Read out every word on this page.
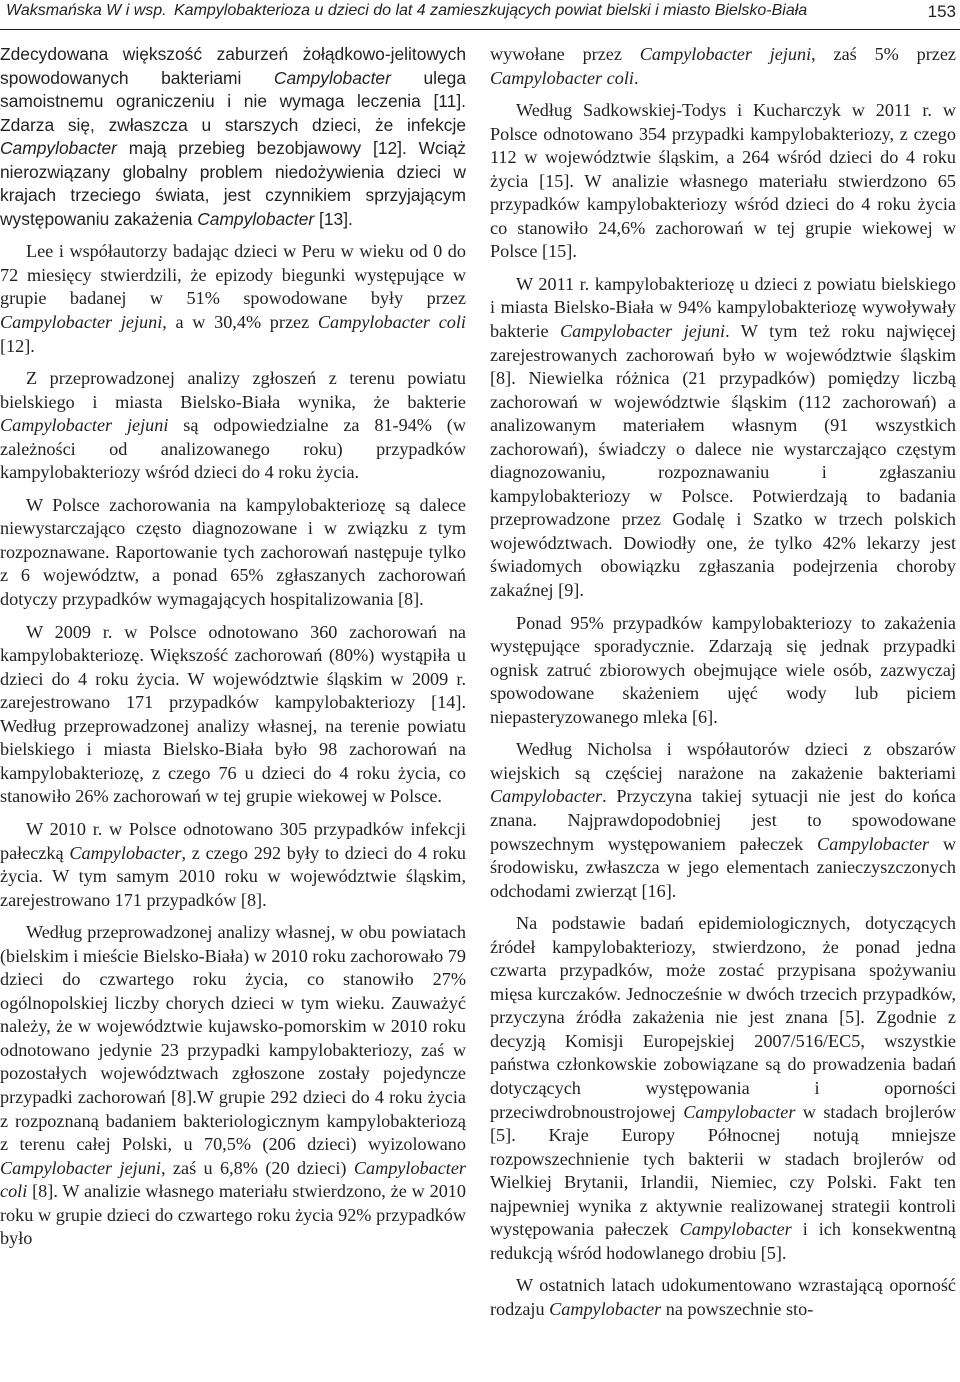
Waksmańska W i wsp. Kampylobakterioza u dzieci do lat 4 zamieszkujących powiat bielski i miasto Bielsko-Biała	153

Zdecydowana większość zaburzeń żołądkowo-jelitowych spowodowanych bakteriami Campylobacter ulega samoistnemu ograniczeniu i nie wymaga leczenia [11]. Zdarza się, zwłaszcza u starszych dzieci, że infekcje Campylobacter mają przebieg bezobjawowy [12]. Wciąż nierozwiązany globalny problem niedożywienia dzieci w krajach trzeciego świata, jest czynnikiem sprzyjającym występowaniu zakażenia Campylobacter [13].

Lee i współautorzy badając dzieci w Peru w wieku od 0 do 72 miesięcy stwierdzili, że epizody biegunki występujące w grupie badanej w 51% spowodowane były przez Campylobacter jejuni, a w 30,4% przez Campylobacter coli [12].

Z przeprowadzonej analizy zgłoszeń z terenu powiatu bielskiego i miasta Bielsko-Biała wynika, że bakterie Campylobacter jejuni są odpowiedzialne za 81-94% (w zależności od analizowanego roku) przypadków kampylobakteriozy wśród dzieci do 4 roku życia.

W Polsce zachorowania na kampylobakteriozę są dalece niewystarczająco często diagnozowane i w związku z tym rozpoznawane. Raportowanie tych zachorowań następuje tylko z 6 województw, a ponad 65% zgłaszanych zachorowań dotyczy przypadków wymagających hospitalizowania [8].

W 2009 r. w Polsce odnotowano 360 zachorowań na kampylobakteriozę. Większość zachorowań (80%) wystąpiła u dzieci do 4 roku życia. W województwie śląskim w 2009 r. zarejestrowano 171 przypadków kampylobakteriozy [14]. Według przeprowadzonej analizy własnej, na terenie powiatu bielskiego i miasta Bielsko-Biała było 98 zachorowań na kampylobakteriozę, z czego 76 u dzieci do 4 roku życia, co stanowiło 26% zachorowań w tej grupie wiekowej w Polsce.

W 2010 r. w Polsce odnotowano 305 przypadków infekcji pałeczką Campylobacter, z czego 292 były to dzieci do 4 roku życia. W tym samym 2010 roku w województwie śląskim, zarejestrowano 171 przypadków [8].

Według przeprowadzonej analizy własnej, w obu powiatach (bielskim i mieście Bielsko-Biała) w 2010 roku zachorowało 79 dzieci do czwartego roku życia, co stanowiło 27% ogólnopolskiej liczby chorych dzieci w tym wieku. Zauważyć należy, że w województwie kujawsko-pomorskim w 2010 roku odnotowano jedynie 23 przypadki kampylobakteriozy, zaś w pozostałych województwach zgłoszone zostały pojedyncze przypadki zachorowań [8].W grupie 292 dzieci do 4 roku życia z rozpoznaną badaniem bakteriologicznym kampylobakteriozą z terenu całej Polski, u 70,5% (206 dzieci) wyizolowano Campylobacter jejuni, zaś u 6,8% (20 dzieci) Campylobacter coli [8]. W analizie własnego materiału stwierdzono, że w 2010 roku w grupie dzieci do czwartego roku życia 92% przypadków było

wywołane przez Campylobacter jejuni, zaś 5% przez Campylobacter coli.

Według Sadkowskiej-Todys i Kucharczyk w 2011 r. w Polsce odnotowano 354 przypadki kampylobakteriozy, z czego 112 w województwie śląskim, a 264 wśród dzieci do 4 roku życia [15]. W analizie własnego materiału stwierdzono 65 przypadków kampylobakteriozy wśród dzieci do 4 roku życia co stanowiło 24,6% zachorowań w tej grupie wiekowej w Polsce [15].

W 2011 r. kampylobakteriozę u dzieci z powiatu bielskiego i miasta Bielsko-Biała w 94% kampylobakteriozę wywoływały bakterie Campylobacter jejuni. W tym też roku najwięcej zarejestrowanych zachorowań było w województwie śląskim [8]. Niewielka różnica (21 przypadków) pomiędzy liczbą zachorowań w województwie śląskim (112 zachorowań) a analizowanym materiałem własnym (91 wszystkich zachorowań), świadczy o dalece nie wystarczająco częstym diagnozowaniu, rozpoznawaniu i zgłaszaniu kampylobakteriozy w Polsce. Potwierdzają to badania przeprowadzone przez Godalę i Szatko w trzech polskich województwach. Dowiodły one, że tylko 42% lekarzy jest świadomych obowiązku zgłaszania podejrzenia choroby zakaźnej [9].

Ponad 95% przypadków kampylobakteriozy to zakażenia występujące sporadycznie. Zdarzają się jednak przypadki ognisk zatruć zbiorowych obejmujące wiele osób, zazwyczaj spowodowane skażeniem ujęć wody lub piciem niepasteryzowanego mleka [6].

Według Nicholsa i współautorów dzieci z obszarów wiejskich są częściej narażone na zakażenie bakteriami Campylobacter. Przyczyna takiej sytuacji nie jest do końca znana. Najprawdopodobniej jest to spowodowane powszechnym występowaniem pałeczek Campylobacter w środowisku, zwłaszcza w jego elementach zanieczyszczonych odchodami zwierząt [16].

Na podstawie badań epidemiologicznych, dotyczących źródeł kampylobakteriozy, stwierdzono, że ponad jedna czwarta przypadków, może zostać przypisana spożywaniu mięsa kurczaków. Jednocześnie w dwóch trzecich przypadków, przyczyna źródła zakażenia nie jest znana [5]. Zgodnie z decyzją Komisji Europejskiej 2007/516/EC5, wszystkie państwa członkowskie zobowiązane są do prowadzenia badań dotyczących występowania i oporności przeciwdrobnoustrojowej Campylobacter w stadach brojlerów [5]. Kraje Europy Północnej notują mniejsze rozpowszechnienie tych bakterii w stadach brojlerów od Wielkiej Brytanii, Irlandii, Niemiec, czy Polski. Fakt ten najpewniej wynika z aktywnie realizowanej strategii kontroli występowania pałeczek Campylobacter i ich konsekwentną redukcją wśród hodowlanego drobiu [5].

W ostatnich latach udokumentowano wzrastającą oporność rodzaju Campylobacter na powszechnie sto-
